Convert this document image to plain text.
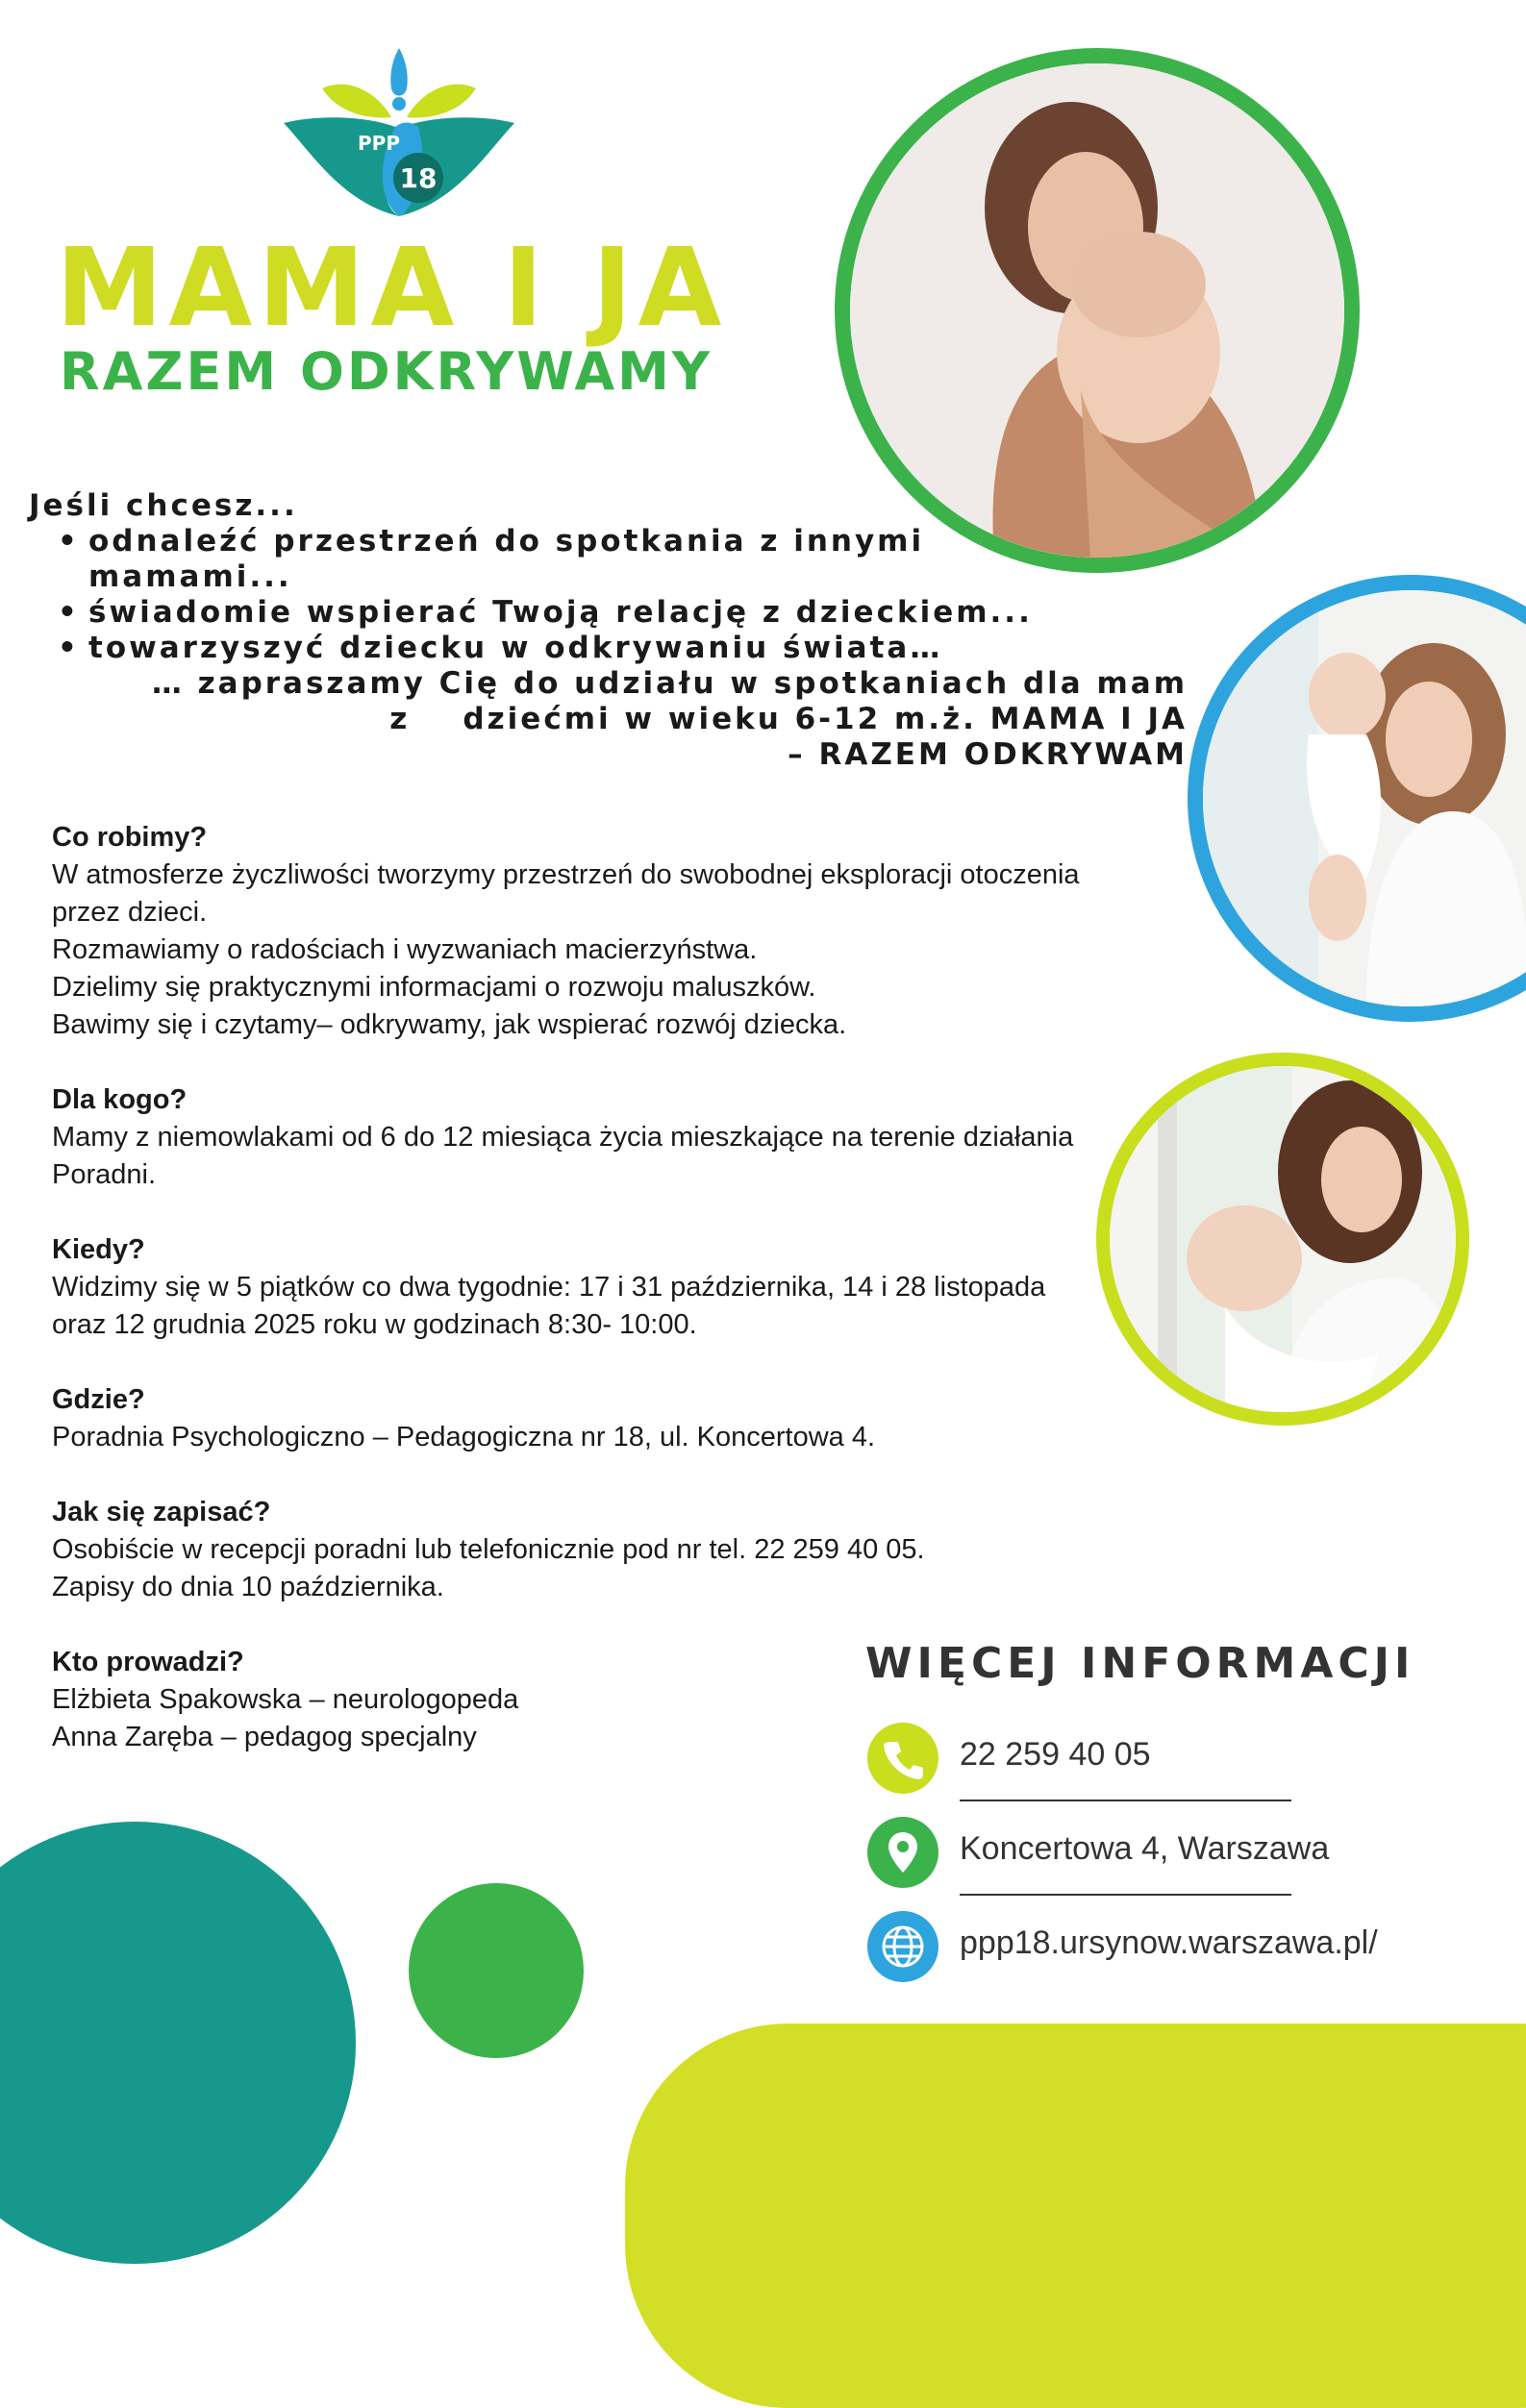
PPP
18
MAMA I JA
RAZEM ODKRYWAMY
Jeśli chcesz...
• odnaleźć przestrzeń do spotkania z innymi mamami...
• świadomie wspierać Twoją relację z dzieckiem...
• towarzyszyć dziecku w odkrywaniu świata…
… zapraszamy Cię do udziału w spotkaniach dla mam
z    dziećmi w wieku 6-12 m.ż. MAMA I JA
– RAZEM ODKRYWAM
Co robimy?

W atmosferze życzliwości tworzymy przestrzeń do swobodnej eksploracji otoczenia przez dzieci.

Rozmawiamy o radościach i wyzwaniach macierzyństwa.

Dzielimy się praktycznymi informacjami o rozwoju maluszków.

Bawimy się i czytamy– odkrywamy, jak wspierać rozwój dziecka.

Dla kogo?

Mamy z niemowlakami od 6 do 12 miesiąca życia mieszkające na terenie działania Poradni.

Kiedy?

Widzimy się w 5 piątków co dwa tygodnie: 17 i 31 października, 14 i 28 listopada oraz 12 grudnia 2025 roku w godzinach 8:30- 10:00.

Gdzie?

Poradnia Psychologiczno – Pedagogiczna nr 18, ul. Koncertowa 4.

Jak się zapisać?

Osobiście w recepcji poradni lub telefonicznie pod nr tel. 22 259 40 05.

Zapisy do dnia 10 października.

Kto prowadzi?

Elżbieta Spakowska – neurologopeda

Anna Zaręba – pedagog specjalny

WIĘCEJ INFORMACJI
22 259 40 05
Koncertowa 4, Warszawa
ppp18.ursynow.warszawa.pl/
